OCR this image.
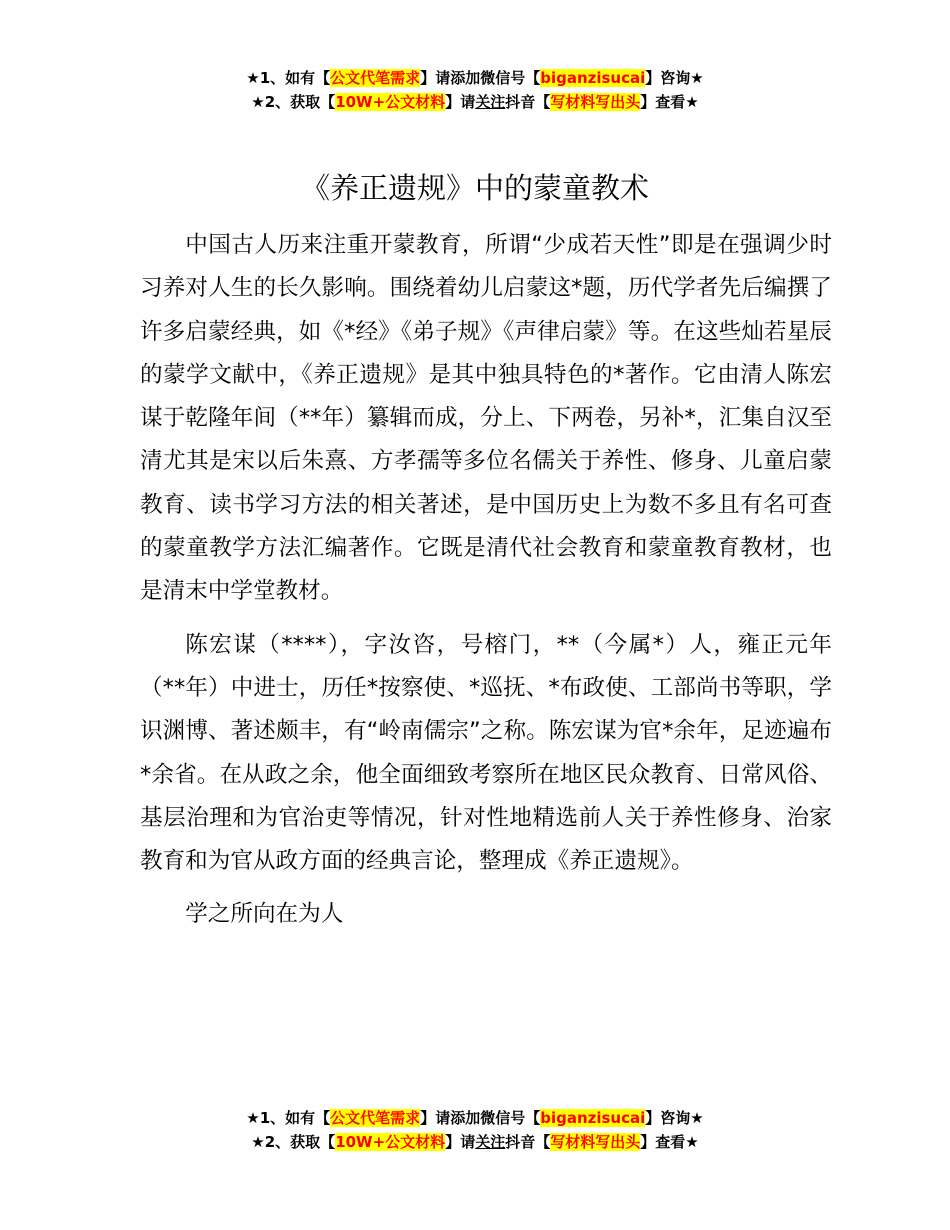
★1、如有【公文代笔需求】请添加微信号【biganzisucai】咨询★
★2、获取【10W+公文材料】请关注抖音【写材料写出头】查看★
《养正遗规》中的蒙童教术

中国古人历来注重开蒙教育，所谓“少成若天性”即是在强调少时习养对人生的长久影响。围绕着幼儿启蒙这*题，历代学者先后编撰了许多启蒙经典，如《*经》《弟子规》《声律启蒙》等。在这些灿若星辰的蒙学文献中，《养正遗规》是其中独具特色的*著作。它由清人陈宏谋于乾隆年间（**年）纂辑而成，分上、下两卷，另补*，汇集自汉至清尤其是宋以后朱熹、方孝孺等多位名儒关于养性、修身、儿童启蒙教育、读书学习方法的相关著述，是中国历史上为数不多且有名可查的蒙童教学方法汇编著作。它既是清代社会教育和蒙童教育教材，也是清末中学堂教材。

陈宏谋（****），字汝咨，号榕门，**（今属*）人，雍正元年（**年）中进士，历任*按察使、*巡抚、*布政使、工部尚书等职，学识渊博、著述颇丰，有“岭南儒宗”之称。陈宏谋为官*余年，足迹遍布*余省。在从政之余，他全面细致考察所在地区民众教育、日常风俗、基层治理和为官治吏等情况，针对性地精选前人关于养性修身、治家教育和为官从政方面的经典言论，整理成《养正遗规》。

学之所向在为人

★1、如有【公文代笔需求】请添加微信号【biganzisucai】咨询★
★2、获取【10W+公文材料】请关注抖音【写材料写出头】查看★
